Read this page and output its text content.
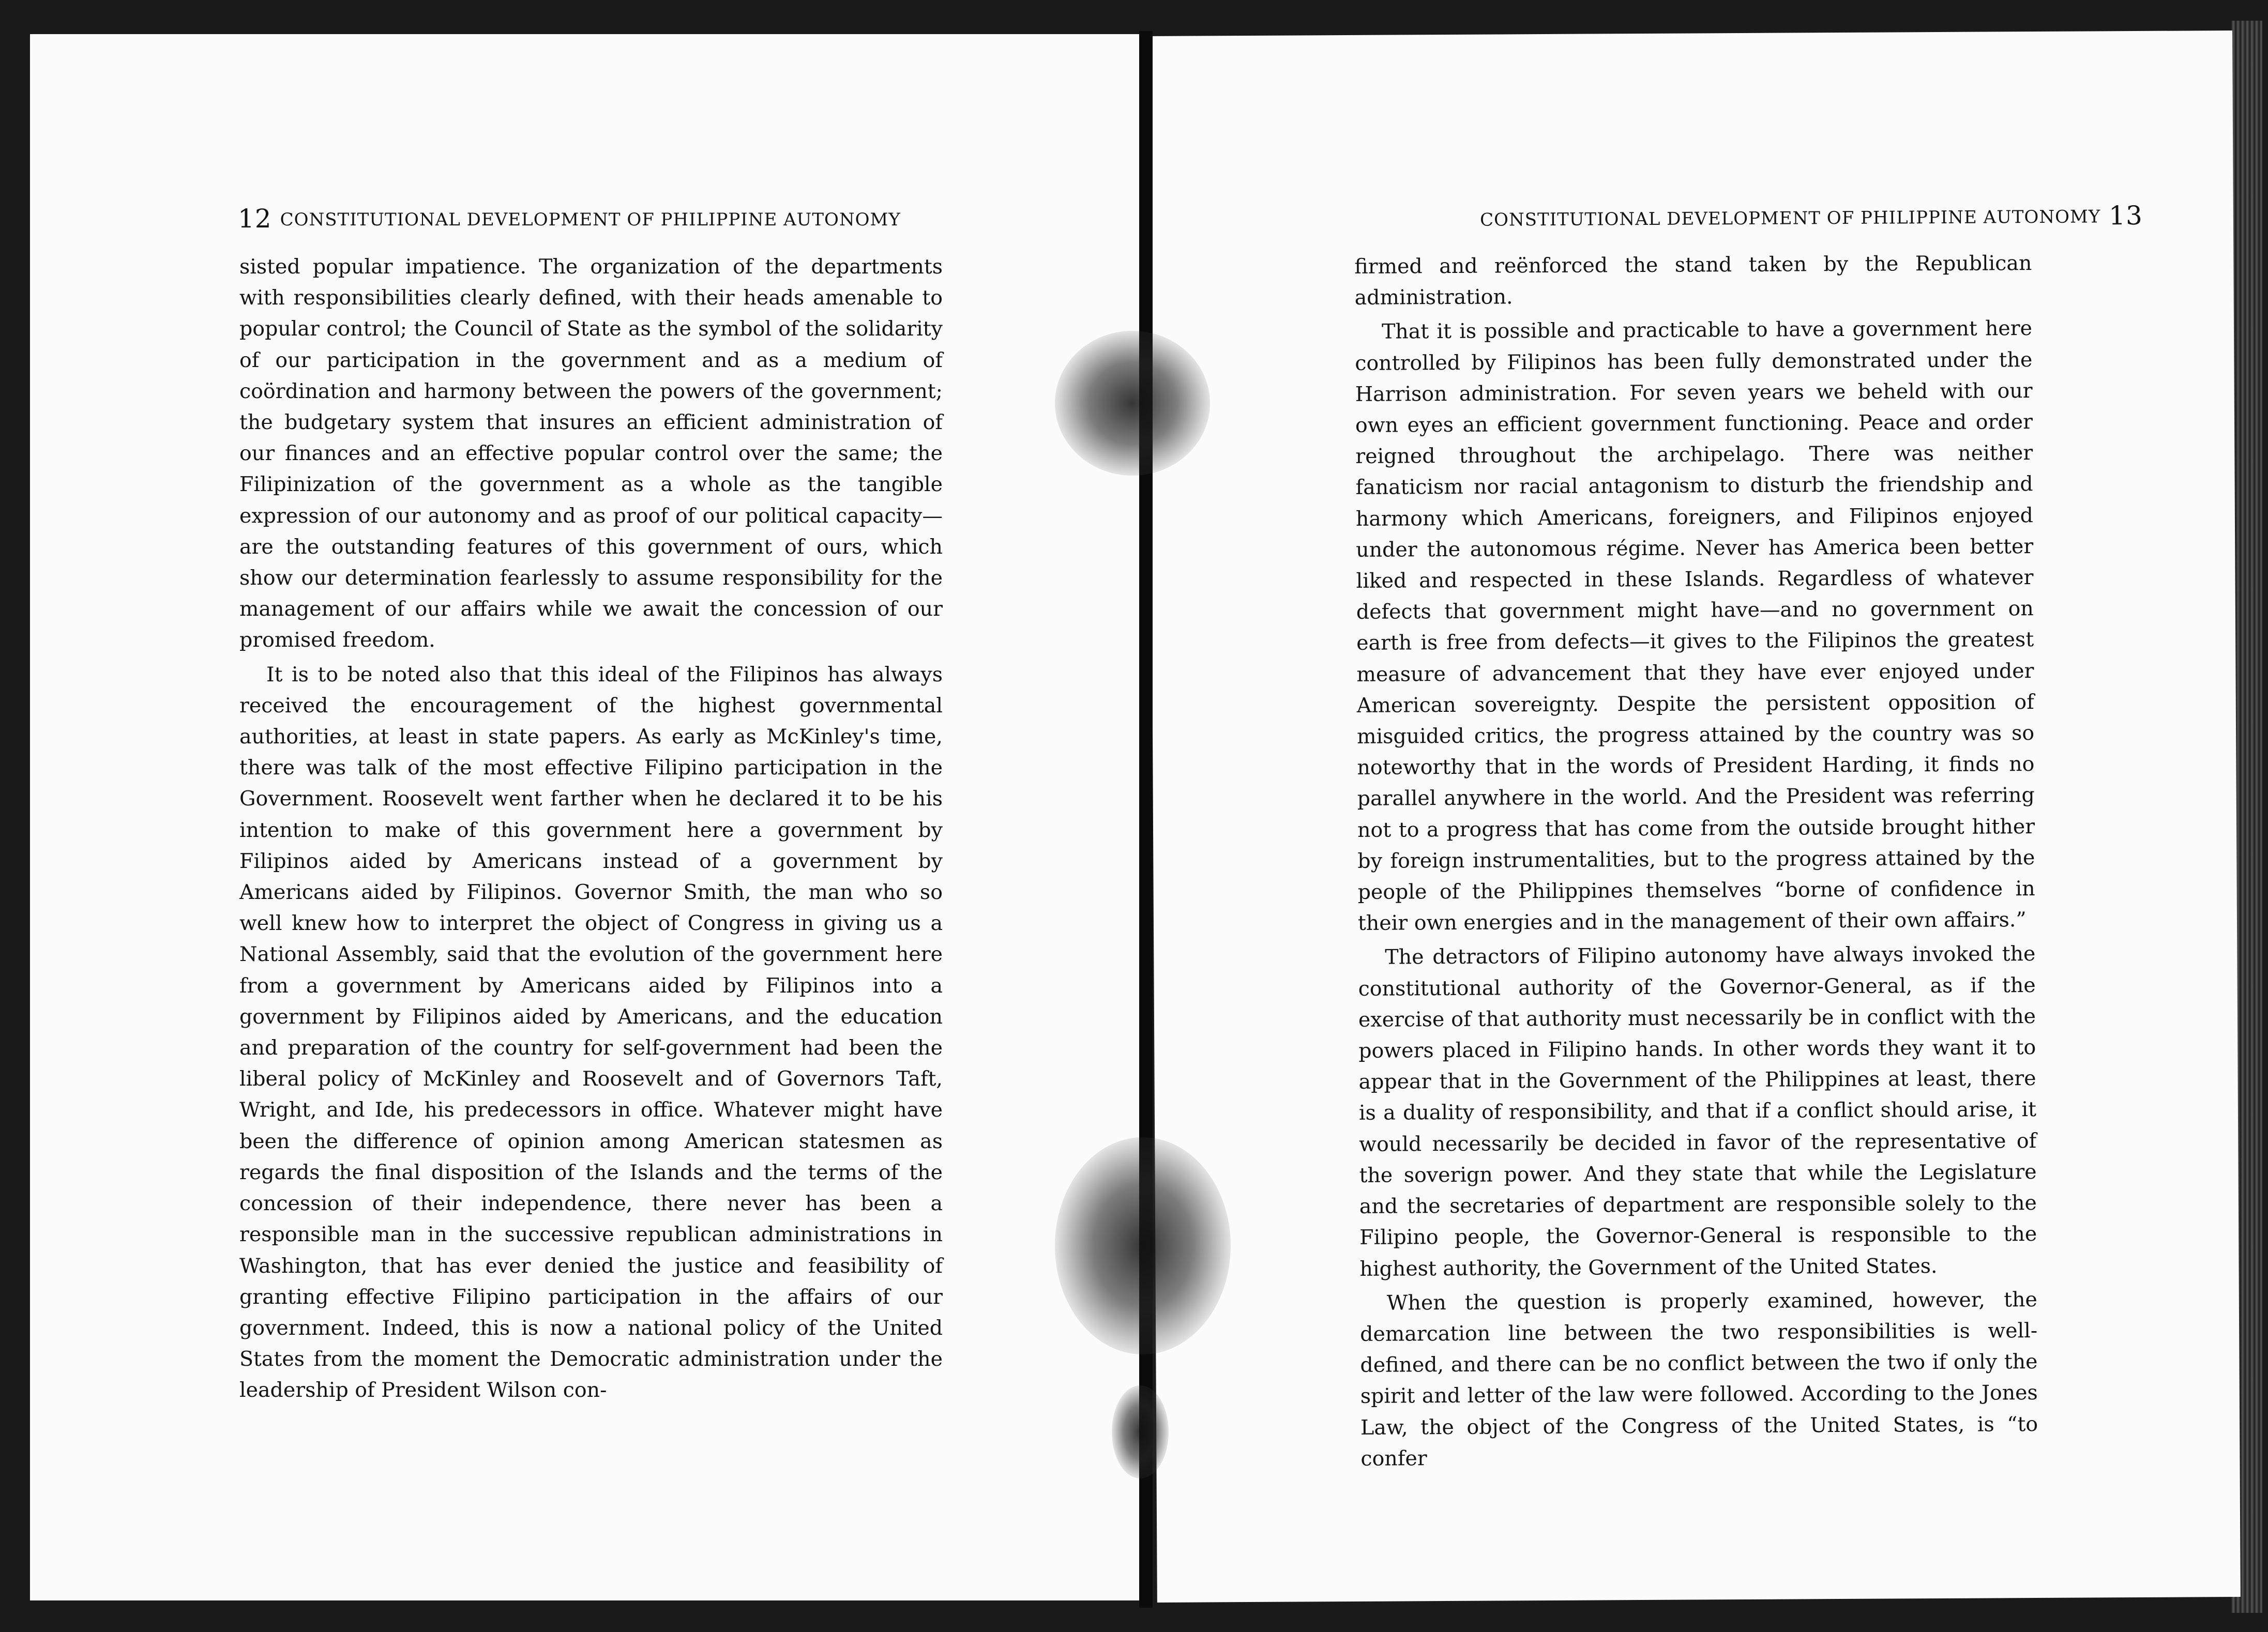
12 CONSTITUTIONAL DEVELOPMENT OF PHILIPPINE AUTONOMY

sisted popular impatience. The organization of the departments with responsibilities clearly defined, with their heads amenable to popular control; the Council of State as the symbol of the solidarity of our participation in the government and as a medium of coördination and harmony between the powers of the government; the budgetary system that insures an efficient administration of our finances and an effective popular control over the same; the Filipinization of the government as a whole as the tangible expression of our autonomy and as proof of our political capacity—are the outstanding features of this government of ours, which show our determination fearlessly to assume responsibility for the management of our affairs while we await the concession of our promised freedom.

It is to be noted also that this ideal of the Filipinos has always received the encouragement of the highest governmental authorities, at least in state papers. As early as McKinley's time, there was talk of the most effective Filipino participation in the Government. Roosevelt went farther when he declared it to be his intention to make of this government here a government by Filipinos aided by Americans instead of a government by Americans aided by Filipinos. Governor Smith, the man who so well knew how to interpret the object of Congress in giving us a National Assembly, said that the evolution of the government here from a government by Americans aided by Filipinos into a government by Filipinos aided by Americans, and the education and preparation of the country for self-government had been the liberal policy of McKinley and Roosevelt and of Governors Taft, Wright, and Ide, his predecessors in office. Whatever might have been the difference of opinion among American statesmen as regards the final disposition of the Islands and the terms of the concession of their independence, there never has been a responsible man in the successive republican administrations in Washington, that has ever denied the justice and feasibility of granting effective Filipino participation in the affairs of our government. Indeed, this is now a national policy of the United States from the moment the Democratic administration under the leadership of President Wilson con-

CONSTITUTIONAL DEVELOPMENT OF PHILIPPINE AUTONOMY 13

firmed and reënforced the stand taken by the Republican administration.

That it is possible and practicable to have a government here controlled by Filipinos has been fully demonstrated under the Harrison administration. For seven years we beheld with our own eyes an efficient government functioning. Peace and order reigned throughout the archipelago. There was neither fanaticism nor racial antagonism to disturb the friendship and harmony which Americans, foreigners, and Filipinos enjoyed under the autonomous régime. Never has America been better liked and respected in these Islands. Regardless of whatever defects that government might have—and no government on earth is free from defects—it gives to the Filipinos the greatest measure of advancement that they have ever enjoyed under American sovereignty. Despite the persistent opposition of misguided critics, the progress attained by the country was so noteworthy that in the words of President Harding, it finds no parallel anywhere in the world. And the President was referring not to a progress that has come from the outside brought hither by foreign instrumentalities, but to the progress attained by the people of the Philippines themselves “borne of confidence in their own energies and in the management of their own affairs.”

The detractors of Filipino autonomy have always invoked the constitutional authority of the Governor-General, as if the exercise of that authority must necessarily be in conflict with the powers placed in Filipino hands. In other words they want it to appear that in the Government of the Philippines at least, there is a duality of responsibility, and that if a conflict should arise, it would necessarily be decided in favor of the representative of the soverign power. And they state that while the Legislature and the secretaries of department are responsible solely to the Filipino people, the Governor-General is responsible to the highest authority, the Government of the United States.

When the question is properly examined, however, the demarcation line between the two responsibilities is well-defined, and there can be no conflict between the two if only the spirit and letter of the law were followed. According to the Jones Law, the object of the Congress of the United States, is “to confer
